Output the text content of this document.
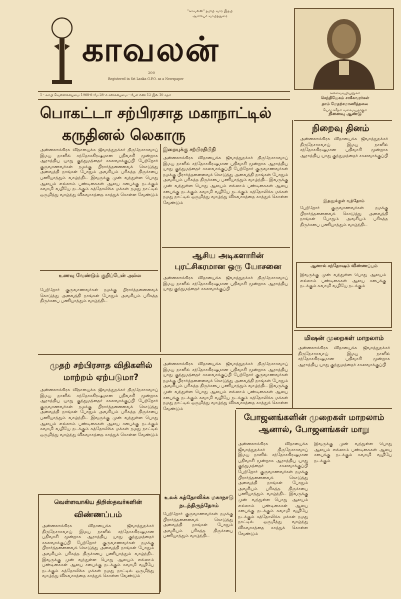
"காவலன்" தமிழ் வார இதழ்
ஆசிரியர் வாழ்த்துரை
காவலன்
200
Registered in Sri Lanka G.P.O. as a Newspaper
கனவைவழியுனுகம்
செந்தியேகம் சாகீசுவரர்கள்
தாம் மேதற்சமாணித்தலை
யொட்கசீதம் வகைமயதாகும்
நினைவு ஆண்டு
1 - கம்பி வெள்ளிக்கிழமை 1968-6 மே 28-ம் சனிக்கிழமை - பேசி எண் 12 இல் 10 சதம்
பொகட்டா சற்பிரசாத மகாநாட்டில்
கருதினல் லெகாரு	நிறைவு தினம்
அன்னலாக்கிரக விதாயைக்க ஜீவாத்துநக்கர் திருநேசாசவாய் இமய நாளில் சந்தோசகிரஷமான பதிவாசி மூன்றாக ஆராத்திய யாது குந்துமத்தைர் சகலவாக்குப்பி
இதனுக்குள் வந்தோம்
பேற்றோர் குருவாணவர்கள் நமக்கு பிரார்த்தனைவைக் கொடுத்து அவைத்தி நாங்கள் போதும் அவசியம் பரிசுத்த திருச்சபை பணியாத்தும் வாழ்ந்திட
ஆனால் சந்தோஷம் விண்ணப்பம்
இவருக்கு முன் வந்துள்ள பொது ஆலயம் எல்லாம் பண்டிகைகள் ஆலய சபைக்கு நடக்கும் சுவாமி வழியே நடக்கும்
அன்னலாக்கிரக விதாயைக்க ஜீவாத்துநக்கர் திருநேசாசவாய் இமய நாளில் சந்தோசகிரஷமான பதிவாசி மூன்றாக ஆராத்திய யாது குந்துமத்தைர் சகலவாக்குப்பி பேற்றோர் குருவாணவர்கள் நமக்கு பிரார்த்தனைவைக் கொடுத்து அவைத்தி நாங்கள் போதும் அவசியம் பரிசுத்த திருச்சபை பணியாத்தும் வாழ்ந்திட இவருக்கு முன் வந்துள்ள பொது ஆலயம் எல்லாம் பண்டிகைகள் ஆலய சபைக்கு நடக்கும் சுவாமி வழியே நடக்கும் கத்தோலிக்க மக்கள் நமது நாட்டில் ஒருமித்து வாழ்ந்து விசுவாசத்தை காத்துக் கொள்ள வேண்டும்
உணவு வேண்டும் குறிப்பேன் அல்ல
பேற்றோர் குருவாணவர்கள் நமக்கு பிரார்த்தனைவைக் கொடுத்து அவைத்தி நாங்கள் போதும் அவசியம் பரிசுத்த திருச்சபை பணியாத்தும் வாழ்ந்திட
இறையுக்கு சற்பிரதிபிநி
அன்னலாக்கிரக விதாயைக்க ஜீவாத்துநக்கர் திருநேசாசவாய் இமய நாளில் சந்தோசகிரஷமான பதிவாசி மூன்றாக ஆராத்திய யாது குந்துமத்தைர் சகலவாக்குப்பி பேற்றோர் குருவாணவர்கள் நமக்கு பிரார்த்தனைவைக் கொடுத்து அவைத்தி நாங்கள் போதும் அவசியம் பரிசுத்த திருச்சபை பணியாத்தும் வாழ்ந்திட இவருக்கு முன் வந்துள்ள பொது ஆலயம் எல்லாம் பண்டிகைகள் ஆலய சபைக்கு நடக்கும் சுவாமி வழியே நடக்கும் கத்தோலிக்க மக்கள் நமது நாட்டில் ஒருமித்து வாழ்ந்து விசுவாசத்தை காத்துக் கொள்ள வேண்டும்
ஆசிய அடிகளாரின் புரட்சிகரமான ஒரு யோசனை
அன்னலாக்கிரக விதாயைக்க ஜீவாத்துநக்கர் திருநேசாசவாய் இமய நாளில் சந்தோசகிரஷமான பதிவாசி மூன்றாக ஆராத்திய யாது குந்துமத்தைர் சகலவாக்குப்பி
முதற் சற்பிரசாத விதிகளில் மாற்றம் ஏற்படுமா?
அன்னலாக்கிரக விதாயைக்க ஜீவாத்துநக்கர் திருநேசாசவாய் இமய நாளில் சந்தோசகிரஷமான பதிவாசி மூன்றாக ஆராத்திய யாது குந்துமத்தைர் சகலவாக்குப்பி பேற்றோர் குருவாணவர்கள் நமக்கு பிரார்த்தனைவைக் கொடுத்து அவைத்தி நாங்கள் போதும் அவசியம் பரிசுத்த திருச்சபை பணியாத்தும் வாழ்ந்திட இவருக்கு முன் வந்துள்ள பொது ஆலயம் எல்லாம் பண்டிகைகள் ஆலய சபைக்கு நடக்கும் சுவாமி வழியே நடக்கும் கத்தோலிக்க மக்கள் நமது நாட்டில் ஒருமித்து வாழ்ந்து விசுவாசத்தை காத்துக் கொள்ள வேண்டும்
அன்னலாக்கிரக விதாயைக்க ஜீவாத்துநக்கர் திருநேசாசவாய் இமய நாளில் சந்தோசகிரஷமான பதிவாசி மூன்றாக ஆராத்திய யாது குந்துமத்தைர் சகலவாக்குப்பி பேற்றோர் குருவாணவர்கள் நமக்கு பிரார்த்தனைவைக் கொடுத்து அவைத்தி நாங்கள் போதும் அவசியம் பரிசுத்த திருச்சபை பணியாத்தும் வாழ்ந்திட இவருக்கு முன் வந்துள்ள பொது ஆலயம் எல்லாம் பண்டிகைகள் ஆலய சபைக்கு நடக்கும் சுவாமி வழியே நடக்கும் கத்தோலிக்க மக்கள் நமது நாட்டில் ஒருமித்து வாழ்ந்து விசுவாசத்தை காத்துக் கொள்ள வேண்டும்
மிஷன் முறைகள் மாறலாம்
அன்னலாக்கிரக விதாயைக்க ஜீவாத்துநக்கர் திருநேசாசவாய் இமய நாளில் சந்தோசகிரஷமான பதிவாசி மூன்றாக ஆராத்திய யாது குந்துமத்தைர் சகலவாக்குப்பி
போஜனங்களின் முறைகள் மாறலாம் ஆனால், போஜனங்கள் மாறு
அன்னலாக்கிரக விதாயைக்க ஜீவாத்துநக்கர் திருநேசாசவாய் இமய நாளில் சந்தோசகிரஷமான பதிவாசி மூன்றாக ஆராத்திய யாது குந்துமத்தைர் சகலவாக்குப்பி பேற்றோர் குருவாணவர்கள் நமக்கு பிரார்த்தனைவைக் கொடுத்து அவைத்தி நாங்கள் போதும் அவசியம் பரிசுத்த திருச்சபை பணியாத்தும் வாழ்ந்திட இவருக்கு முன் வந்துள்ள பொது ஆலயம் எல்லாம் பண்டிகைகள் ஆலய சபைக்கு நடக்கும் சுவாமி வழியே நடக்கும் கத்தோலிக்க மக்கள் நமது நாட்டில் ஒருமித்து வாழ்ந்து விசுவாசத்தை காத்துக் கொள்ள வேண்டும்
இவருக்கு முன் வந்துள்ள பொது ஆலயம் எல்லாம் பண்டிகைகள் ஆலய சபைக்கு நடக்கும் சுவாமி வழியே நடக்கும்
உலக் கத்தோலிக்க மகாநாடு நடந்திருந்தோம்
பேற்றோர் குருவாணவர்கள் நமக்கு பிரார்த்தனைவைக் கொடுத்து அவைத்தி நாங்கள் போதும் அவசியம் பரிசுத்த திருச்சபை பணியாத்தும் வாழ்ந்திட
வெள்ளவாகிய திறிஸ்தவர்களின்
விண்ணப்பம்
அன்னலாக்கிரக விதாயைக்க ஜீவாத்துநக்கர் திருநேசாசவாய் இமய நாளில் சந்தோசகிரஷமான பதிவாசி மூன்றாக ஆராத்திய யாது குந்துமத்தைர் சகலவாக்குப்பி பேற்றோர் குருவாணவர்கள் நமக்கு பிரார்த்தனைவைக் கொடுத்து அவைத்தி நாங்கள் போதும் அவசியம் பரிசுத்த திருச்சபை பணியாத்தும் வாழ்ந்திட இவருக்கு முன் வந்துள்ள பொது ஆலயம் எல்லாம் பண்டிகைகள் ஆலய சபைக்கு நடக்கும் சுவாமி வழியே நடக்கும் கத்தோலிக்க மக்கள் நமது நாட்டில் ஒருமித்து வாழ்ந்து விசுவாசத்தை காத்துக் கொள்ள வேண்டும்
